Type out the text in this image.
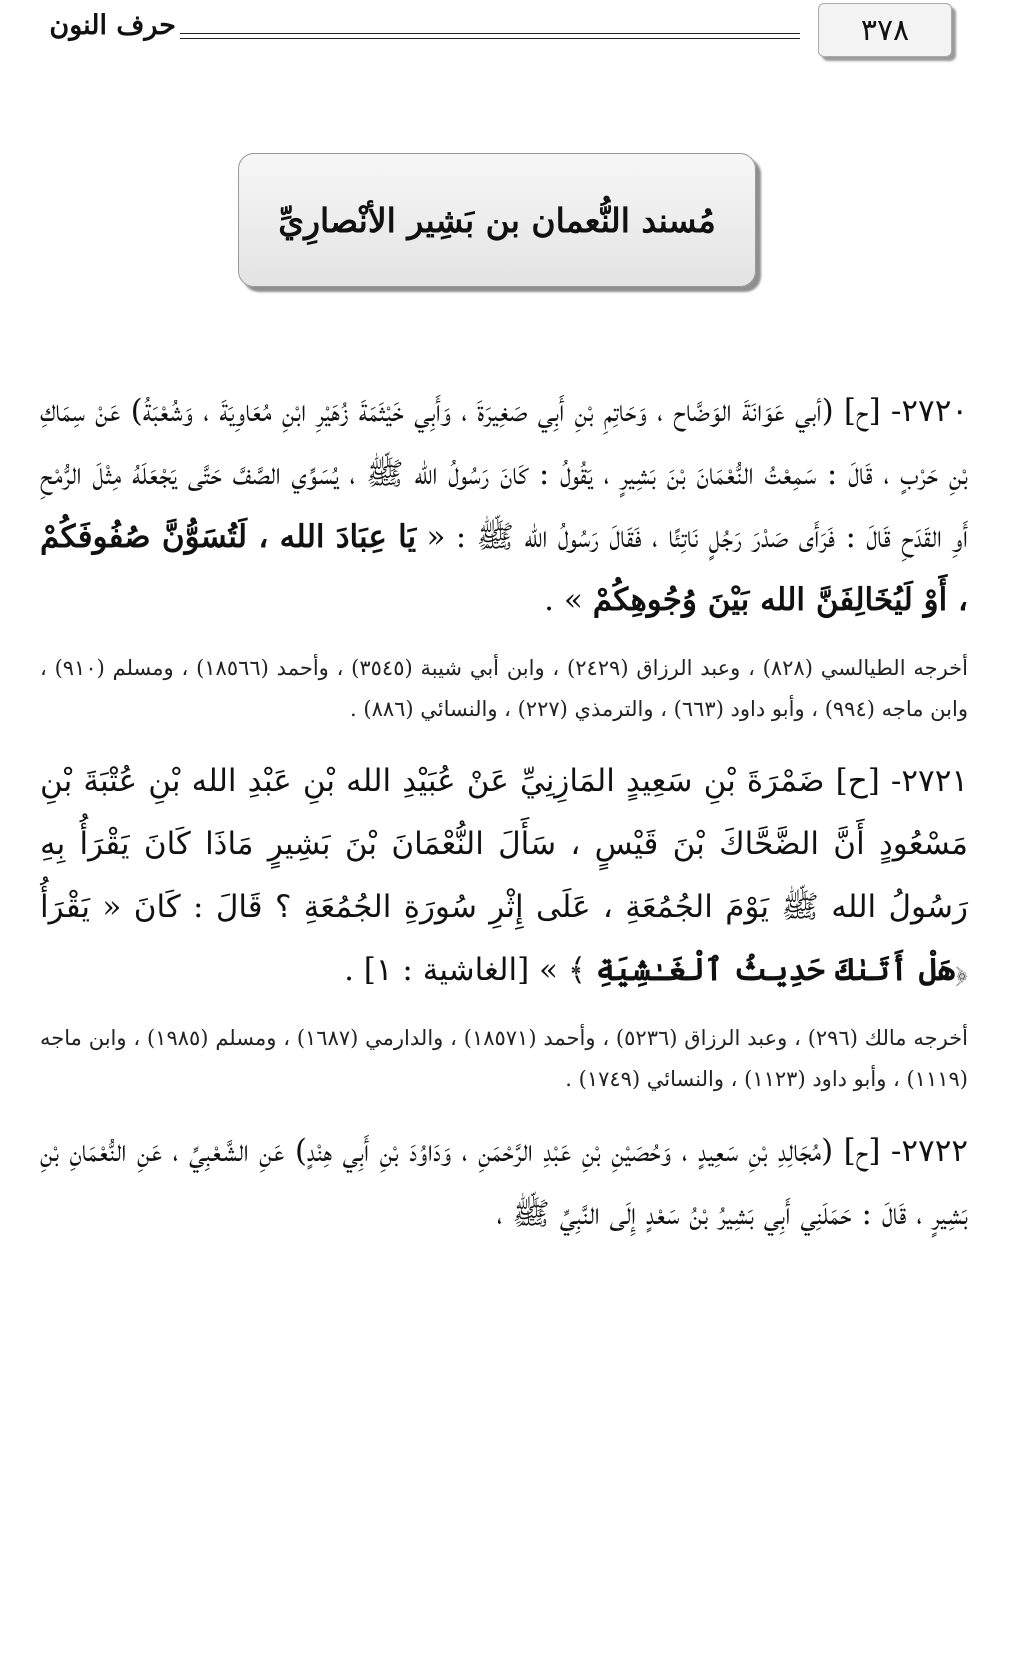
٣٧٨
حرف النون
مُسند النُّعمان بن بَشِير الأنْصارِيِّ

٢٧٢٠- [ح] (أبي عَوَانَةَ الوَضَّاح ، وَحَاتِمِ بْنِ أَبِي صَغِيرَةَ ، وَأَبِي خَيْثَمَةَ زُهَيْرِ ابْنِ مُعَاوِيَةَ ، وَشُعْبَةُ) عَنْ سِمَاكِ بْنِ حَرْبٍ ، قَالَ : سَمِعْتُ النُّعْمَانَ بْنَ بَشِيرٍ ، يَقُولُ : كَانَ رَسُولُ الله ﷺ ، يُسَوِّي الصَّفَّ حَتَّى يَجْعَلَهُ مِثْلَ الرُّمْحِ أَوِ القَدَحِ قَالَ : فَرَأَى صَدْرَ رَجُلٍ نَاتِئًا ، فَقَالَ رَسُولُ الله ﷺ : « يَا عِبَادَ الله ، لَتُسَوُّنَّ صُفُوفَكُمْ ، أَوْ لَيُخَالِفَنَّ الله بَيْنَ وُجُوهِكُمْ » .

أخرجه الطيالسي (٨٢٨) ، وعبد الرزاق (٢٤٢٩) ، وابن أبي شيبة (٣٥٤٥) ، وأحمد (١٨٥٦٦) ، ومسلم (٩١٠) ، وابن ماجه (٩٩٤) ، وأبو داود (٦٦٣) ، والترمذي (٢٢٧) ، والنسائي (٨٨٦) .

٢٧٢١- [ح] ضَمْرَةَ بْنِ سَعِيدٍ المَازِنِيِّ عَنْ عُبَيْدِ الله بْنِ عَبْدِ الله بْنِ عُتْبَةَ بْنِ مَسْعُودٍ أَنَّ الضَّحَّاكَ بْنَ قَيْسٍ ، سَأَلَ النُّعْمَانَ بْنَ بَشِيرٍ مَاذَا كَانَ يَقْرَأُ بِهِ رَسُولُ الله ﷺ يَوْمَ الجُمُعَةِ ، عَلَى إِثْرِ سُورَةِ الجُمُعَةِ ؟ قَالَ : كَانَ « يَقْرَأُ ﴿هَلْ أَتَىٰكَ حَدِيثُ ٱلْغَـٰشِيَةِ ﴾ » [الغاشية : ١] .

أخرجه مالك (٢٩٦) ، وعبد الرزاق (٥٢٣٦) ، وأحمد (١٨٥٧١) ، والدارمي (١٦٨٧) ، ومسلم (١٩٨٥) ، وابن ماجه (١١١٩) ، وأبو داود (١١٢٣) ، والنسائي (١٧٤٩) .

٢٧٢٢- [ح] (مُجَالِدِ بْنِ سَعِيدٍ ، وَحُصَيْنِ بْنِ عَبْدِ الرَّحْمَنِ ، وَدَاوُدَ بْنِ أَبِي هِنْدٍ) عَنِ الشَّعْبِيِّ ، عَنِ النُّعْمَانِ بْنِ بَشِيرٍ ، قَالَ : حَمَلَنِي أَبِي بَشِيرُ بْنُ سَعْدٍ إِلَى النَّبِيِّ ﷺ ،
